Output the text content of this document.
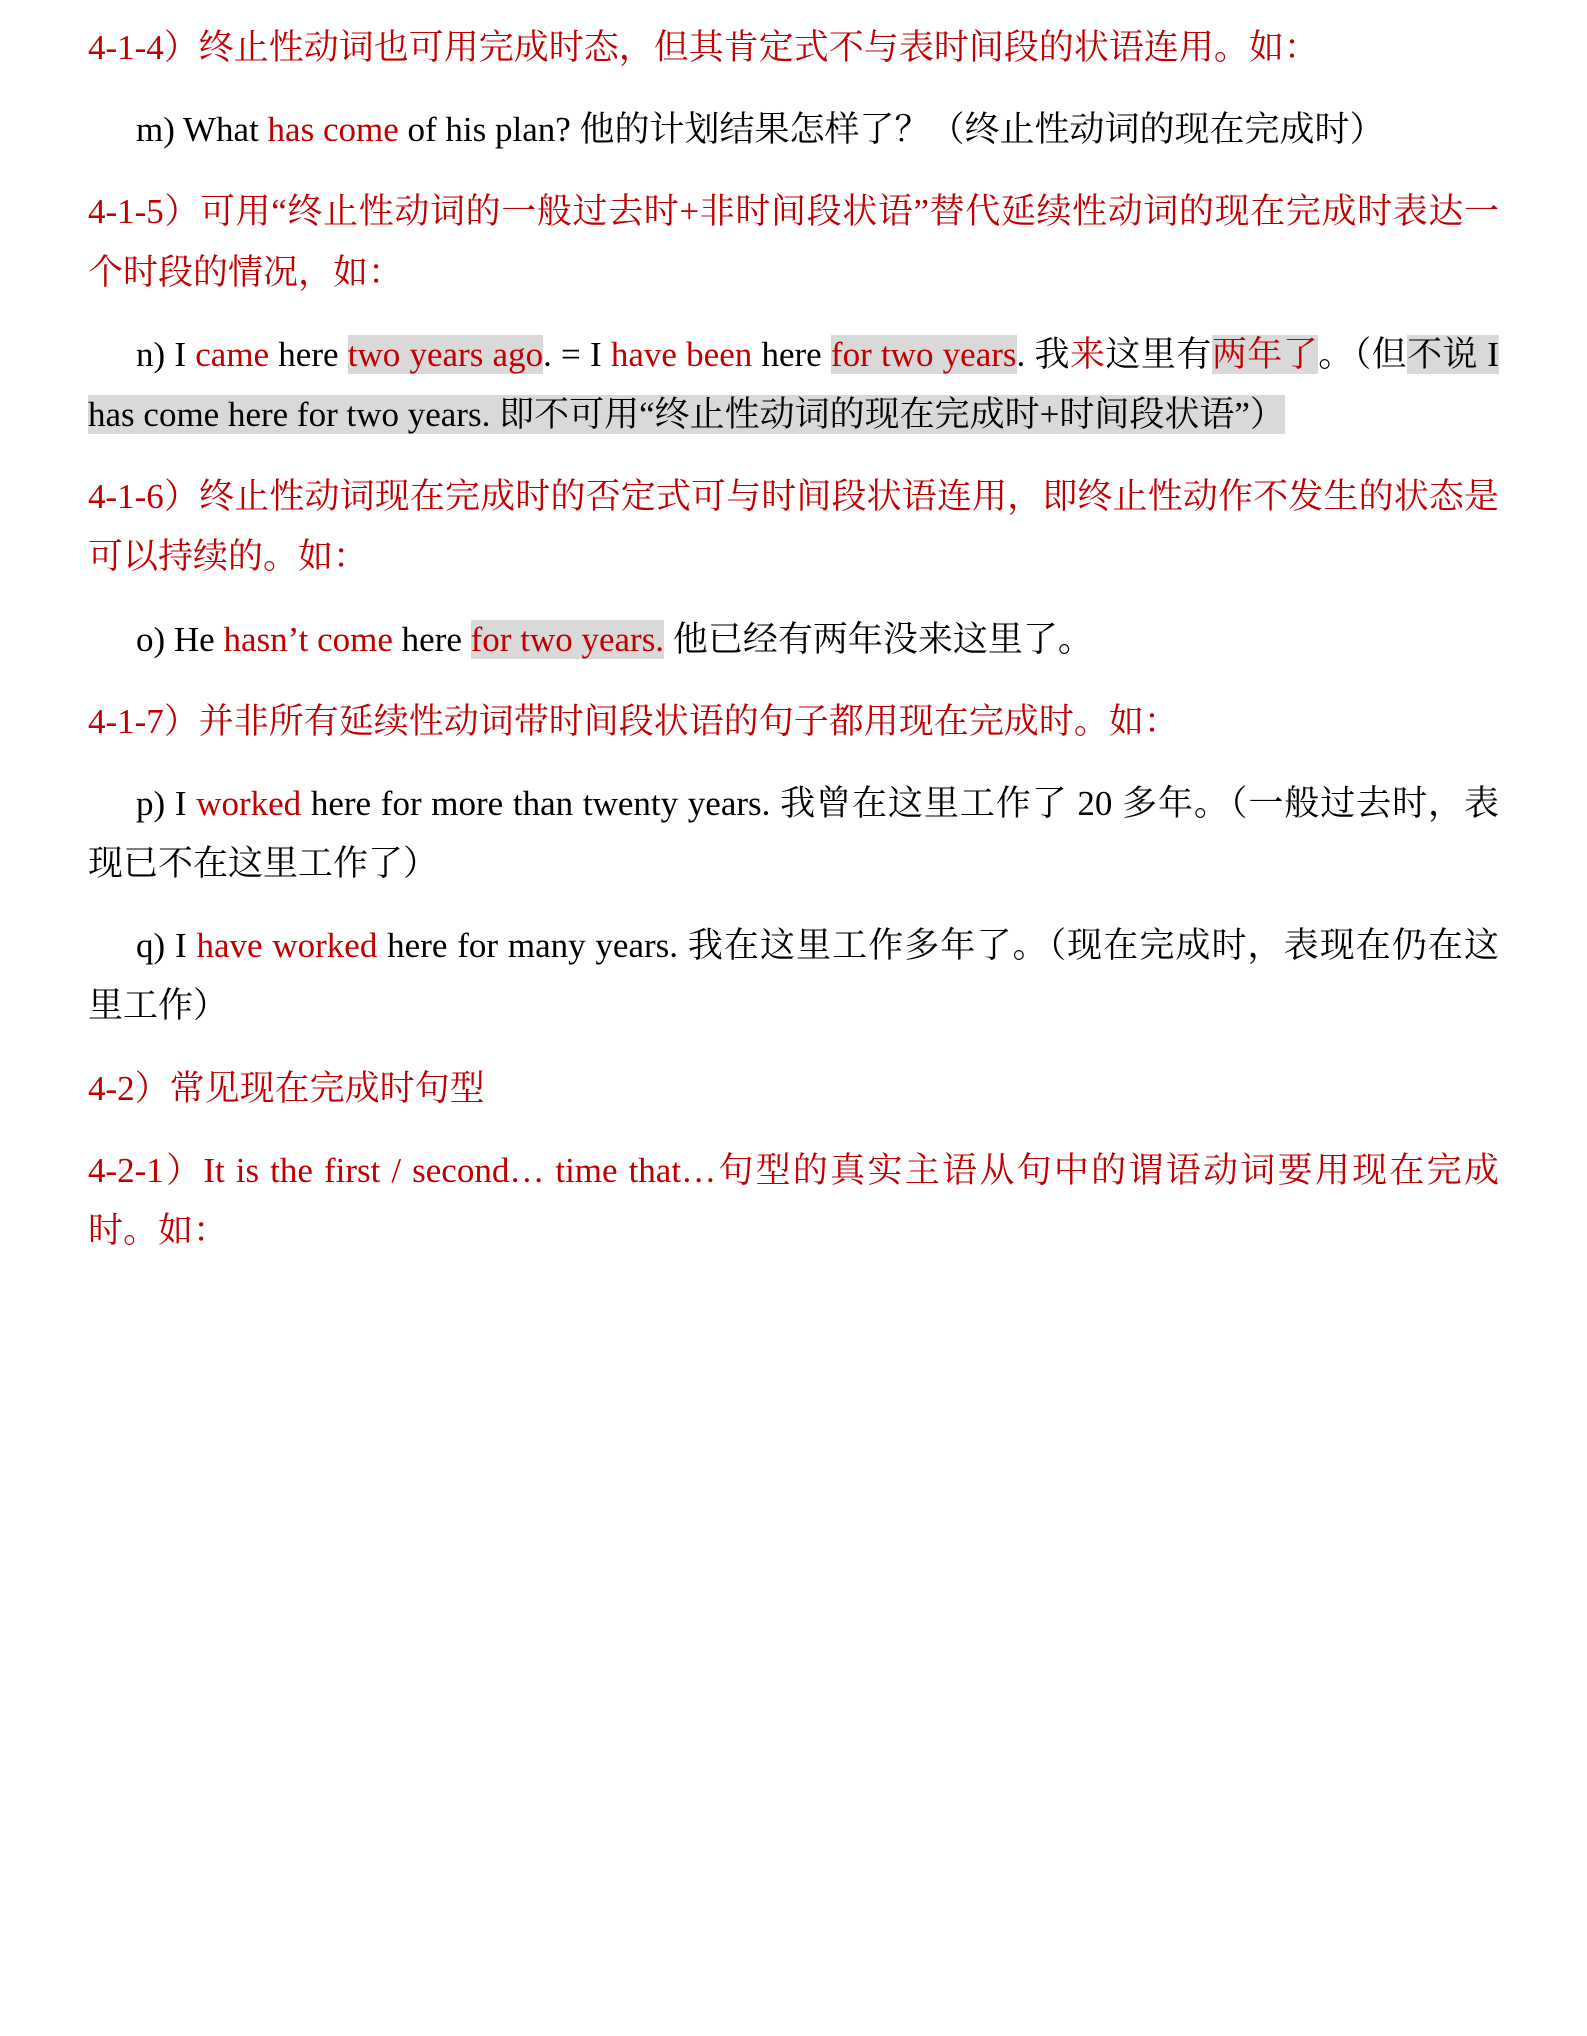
4-1-4）终止性动词也可用完成时态，但其肯定式不与表时间段的状语连用。如：

m) What has come of his plan? 他的计划结果怎样了？（终止性动词的现在完成时）

4-1-5）可用“终止性动词的一般过去时+非时间段状语”替代延续性动词的现在完成时表达一个时段的情况，如：

n) I came here two years ago. = I have been here for two years. 我来这里有两年了。（但不说 I has come here for two years. 即不可用“终止性动词的现在完成时+时间段状语”）

4-1-6）终止性动词现在完成时的否定式可与时间段状语连用，即终止性动作不发生的状态是可以持续的。如：

o) He hasn’t come here for two years. 他已经有两年没来这里了。

4-1-7）并非所有延续性动词带时间段状语的句子都用现在完成时。如：

p) I worked here for more than twenty years. 我曾在这里工作了 20 多年。（一般过去时，表现已不在这里工作了）

q) I have worked here for many years. 我在这里工作多年了。（现在完成时，表现在仍在这里工作）

4-2）常见现在完成时句型

4-2-1）It is the first / second… time that…句型的真实主语从句中的谓语动词要用现在完成时。如：
